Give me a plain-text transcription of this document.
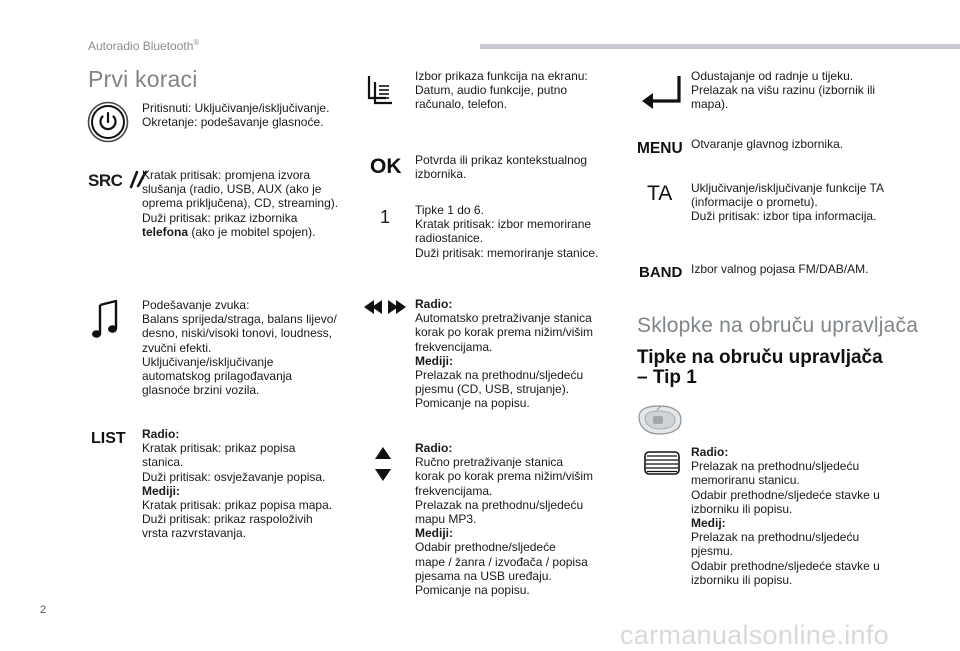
Autoradio Bluetooth®
Prvi koraci
Pritisnuti: Uključivanje/isključivanje.
Okretanje: podešavanje glasnoće.
SRC	Kratak pritisak: promjena izvora
slušanja (radio, USB, AUX (ako je
oprema priključena), CD, streaming).
Duži pritisak: prikaz izbornika
telefona (ako je mobitel spojen).
Podešavanje zvuka:
Balans sprijeda/straga, balans lijevo/
desno, niski/visoki tonovi, loudness,
zvučni efekti.
Uključivanje/isključivanje
automatskog prilagođavanja
glasnoće brzini vozila.
LIST Radio:
Kratak pritisak: prikaz popisa
stanica.
Duži pritisak: osvježavanje popisa.
Mediji:
Kratak pritisak: prikaz popisa mapa.
Duži pritisak: prikaz raspoloživih
vrsta razvrstavanja.
Izbor prikaza funkcija na ekranu:
Datum, audio funkcije, putno
računalo, telefon.
OK Potvrda ili prikaz kontekstualnog
izbornika.
1 Tipke 1 do 6.
Kratak pritisak: izbor memorirane
radiostanice.
Duži pritisak: memoriranje stanice.
Radio:
Automatsko pretraživanje stanica
korak po korak prema nižim/višim
frekvencijama.
Mediji:
Prelazak na prethodnu/sljedeću
pjesmu (CD, USB, strujanje).
Pomicanje na popisu.
Radio:
Ručno pretraživanje stanica
korak po korak prema nižim/višim
frekvencijama.
Prelazak na prethodnu/sljedeću
mapu MP3.
Mediji:
Odabir prethodne/sljedeće
mape / žanra / izvođača / popisa
pjesama na USB uređaju.
Pomicanje na popisu.
Odustajanje od radnje u tijeku.
Prelazak na višu razinu (izbornik ili
mapa).
MENU Otvaranje glavnog izbornika.
TA Uključivanje/isključivanje funkcije TA
(informacije o prometu).
Duži pritisak: izbor tipa informacija.
BAND Izbor valnog pojasa FM/DAB/AM.
Sklopke na obruču upravljača
Tipke na obruču upravljača
– Tip 1
Radio:
Prelazak na prethodnu/sljedeću
memoriranu stanicu.
Odabir prethodne/sljedeće stavke u
izborniku ili popisu.
Medij:
Prelazak na prethodnu/sljedeću
pjesmu.
Odabir prethodne/sljedeće stavke u
izborniku ili popisu.
2
carmanualsonline.info
